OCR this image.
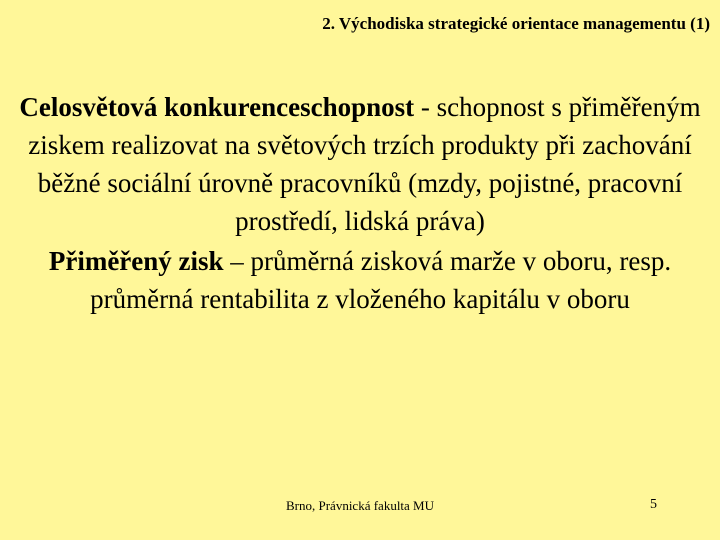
2. Východiska strategické orientace managementu (1)

Celosvětová konkurenceschopnost - schopnost s přiměřeným ziskem realizovat na světových trzích produkty při zachování běžné sociální úrovně pracovníků (mzdy, pojistné, pracovní prostředí, lidská práva)

Přiměřený zisk – průměrná zisková marže v oboru, resp. průměrná rentabilita z vloženého kapitálu v oboru

Brno, Právnická fakulta MU	5
